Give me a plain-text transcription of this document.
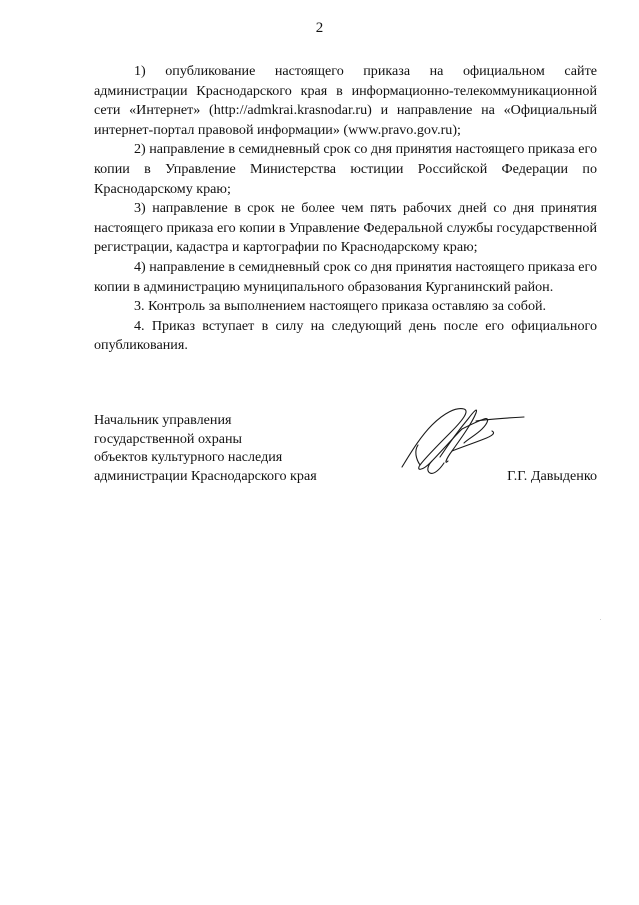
2

1) опубликование настоящего приказа на официальном сайте администрации Краснодарского края в информационно-телекоммуникационной сети «Интернет» (http://admkrai.krasnodar.ru) и направление на «Официальный интернет-портал правовой информации» (www.pravo.gov.ru);

2) направление в семидневный срок со дня принятия настоящего приказа его копии в Управление Министерства юстиции Российской Федерации по Краснодарскому краю;

3) направление в срок не более чем пять рабочих дней со дня принятия настоящего приказа его копии в Управление Федеральной службы государственной регистрации, кадастра и картографии по Краснодарскому краю;

4) направление в семидневный срок со дня принятия настоящего приказа его копии в администрацию муниципального образования Курганинский район.

3. Контроль за выполнением настоящего приказа оставляю за собой.

4. Приказ вступает в силу на следующий день после его официального опубликования.

Начальник управления
государственной охраны
объектов культурного наследия
администрации Краснодарского края	Г.Г. Давыденко
